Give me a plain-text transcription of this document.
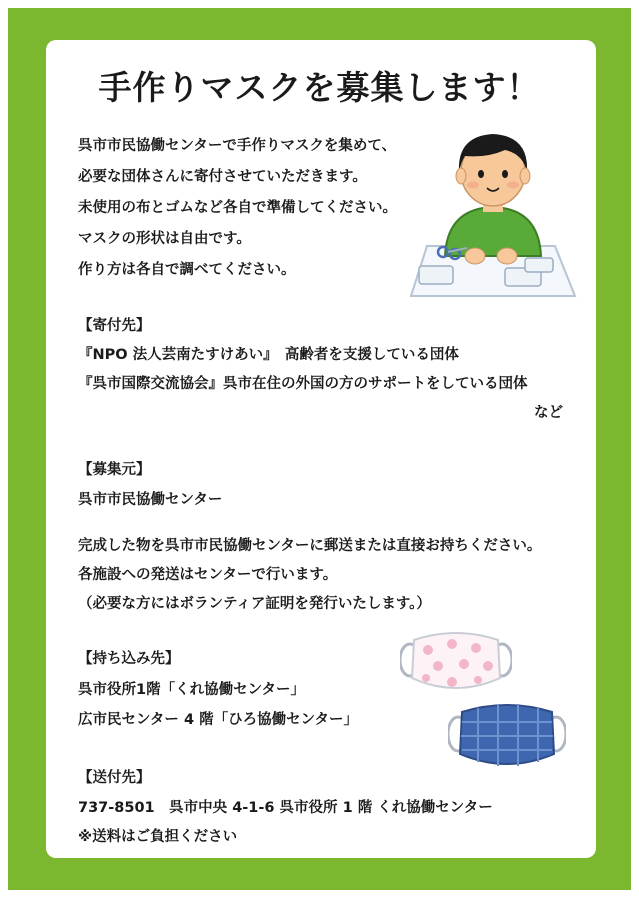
手作りマスクを募集します！
呉市市民協働センターで手作りマスクを集めて、
必要な団体さんに寄付させていただきます。
未使用の布とゴムなど各自で準備してください。
マスクの形状は自由です。
作り方は各自で調べてください。
【寄付先】
『NPO 法人芸南たすけあい』　高齢者を支援している団体
『呉市国際交流協会』呉市在住の外国の方のサポートをしている団体
など
【募集元】
呉市市民協働センター
完成した物を呉市市民協働センターに郵送または直接お持ちください。
各施設への発送はセンターで行います。
（必要な方にはボランティア証明を発行いたします。）
【持ち込み先】
呉市役所1階「くれ協働センター」
広市民センター 4 階「ひろ協働センター」
【送付先】
737-8501　呉市中央 4-1-6 呉市役所 1 階 くれ協働センター
※送料はご負担ください
